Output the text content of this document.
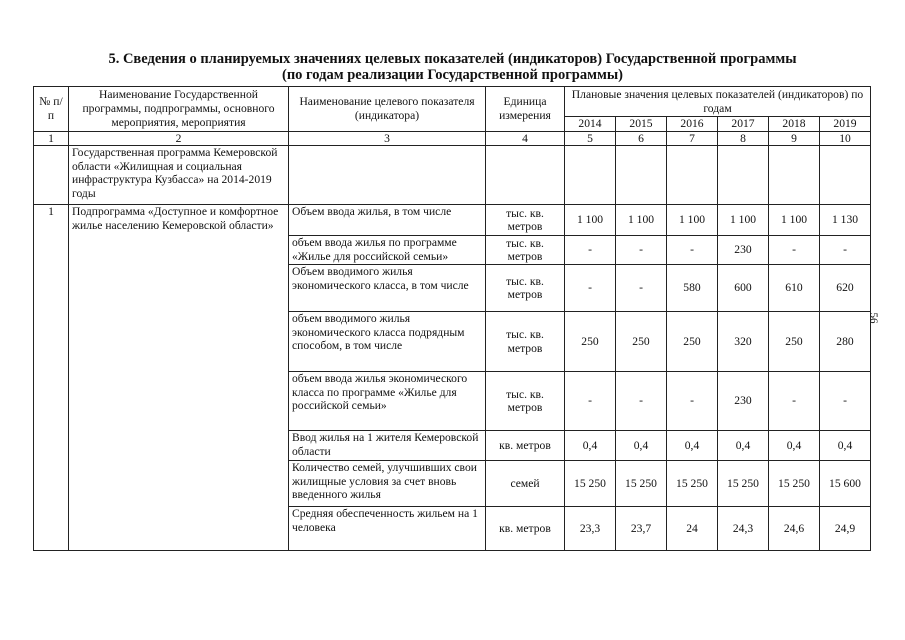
5. Сведения о планируемых значениях целевых показателей (индикаторов) Государственной программы
(по годам реализации Государственной программы)
№ п/п	Наименование Государственной программы, подпрограммы, основного мероприятия, мероприятия	Наименование целевого показателя (индикатора)	Единица измерения	Плановые значения целевых показателей (индикаторов) по годам					
				2014	2015	2016	2017	2018	2019
1	2	3	4	5	6	7	8	9	10
	Государственная программа Кемеровской области «Жилищная и социальная инфраструктура Кузбасса» на 2014-2019 годы								
1	Подпрограмма «Доступное и комфортное жилье населению Кемеровской области»	Объем ввода жилья, в том числе	тыс. кв. метров	1 100	1 100	1 100	1 100	1 100	1 130
		объем ввода жилья по программе «Жилье для российской семьи»	тыс. кв. метров	-	-	-	230	-	-
		Объем вводимого жилья экономического класса, в том числе	тыс. кв. метров	-	-	580	600	610	620
		объем вводимого жилья экономического класса подрядным способом, в том числе	тыс. кв. метров	250	250	250	320	250	280
		объем ввода жилья экономического класса по программе «Жилье для российской семьи»	тыс. кв. метров	-	-	-	230	-	-
		Ввод жилья на 1 жителя Кемеровской области	кв. метров	0,4	0,4	0,4	0,4	0,4	0,4
		Количество семей, улучшивших свои жилищные условия за счет вновь введенного жилья	семей	15 250	15 250	15 250	15 250	15 250	15 600
		Средняя обеспеченность жильем на 1 человека	кв. метров	23,3	23,7	24	24,3	24,6	24,9
56
